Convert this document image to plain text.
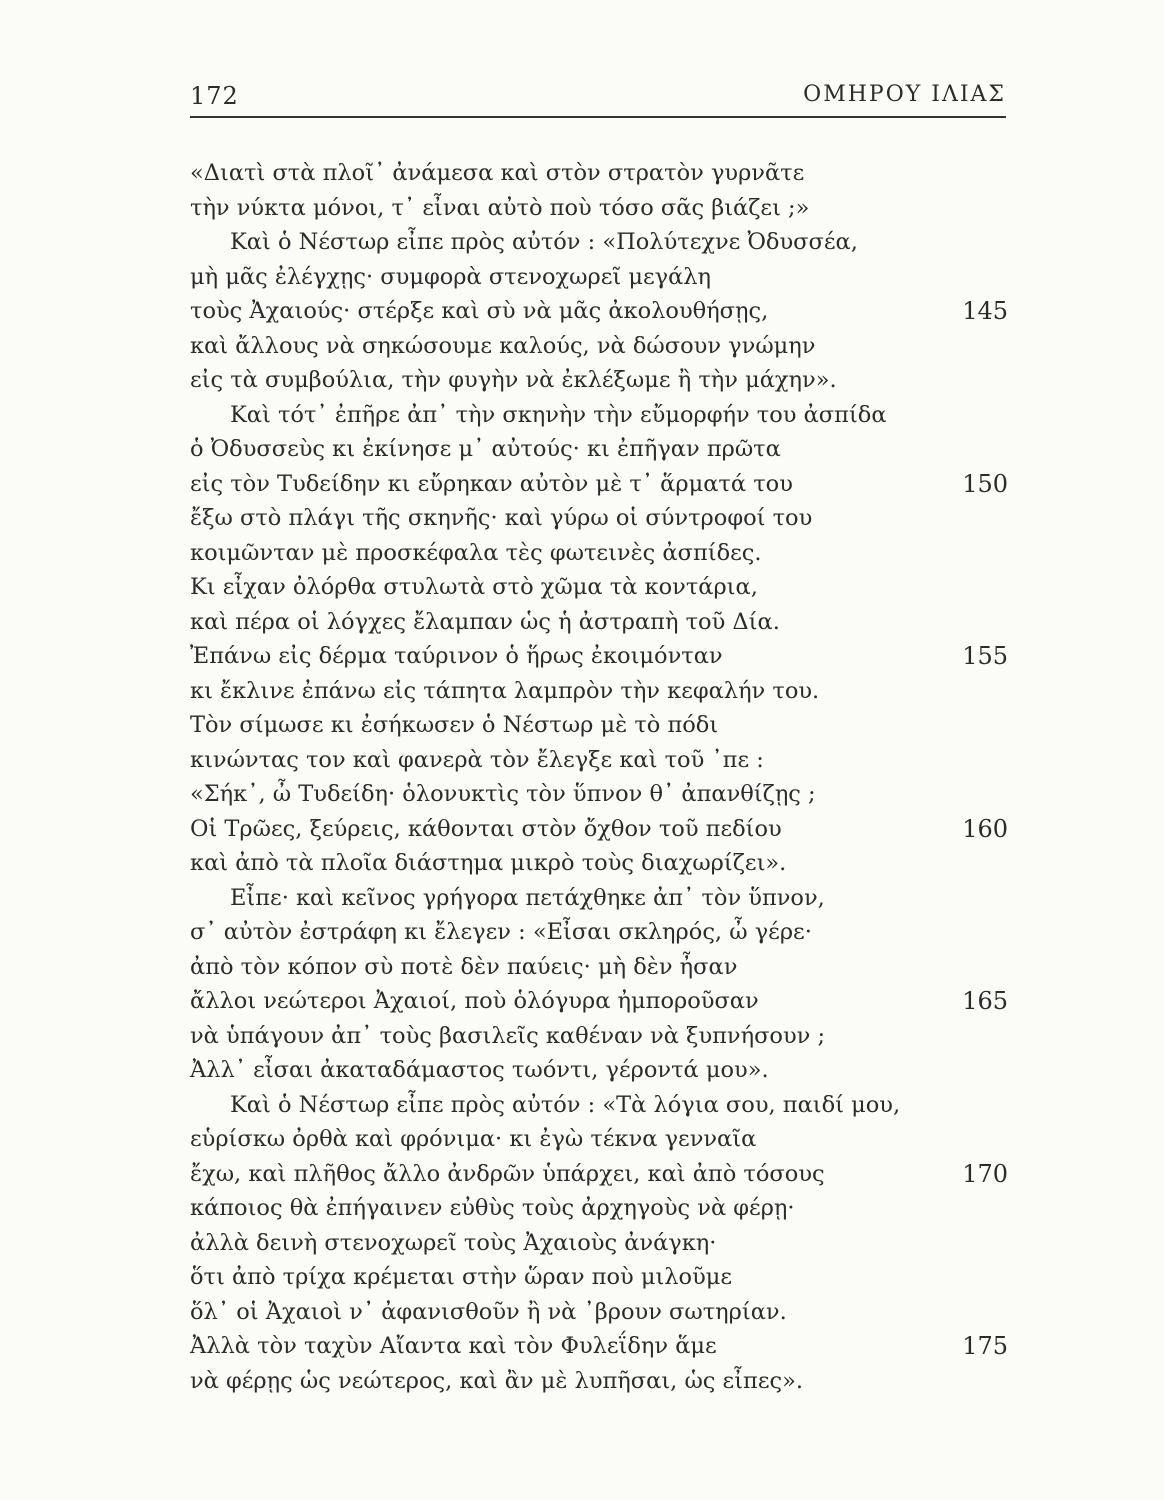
172	ΟΜΗΡΟΥ ΙΛΙΑΣ
«Διατὶ στὰ πλοῖ᾽ ἀνάμεσα καὶ στὸν στρατὸν γυρνᾶτε
τὴν νύκτα μόνοι, τ᾽ εἶναι αὐτὸ ποὺ τόσο σᾶς βιάζει ;»
Καὶ ὁ Νέστωρ εἶπε πρὸς αὐτόν : «Πολύτεχνε Ὀδυσσέα,
μὴ μᾶς ἐλέγχῃς· συμφορὰ στενοχωρεῖ μεγάλη
τοὺς Ἀχαιούς· στέρξε καὶ σὺ νὰ μᾶς ἀκολουθήσῃς,	145
καὶ ἄλλους νὰ σηκώσουμε καλούς, νὰ δώσουν γνώμην
εἰς τὰ συμβούλια, τὴν φυγὴν νὰ ἐκλέξωμε ἢ τὴν μάχην».
Καὶ τότ᾽ ἐπῆρε ἀπ᾽ τὴν σκηνὴν τὴν εὔμορφήν του ἀσπίδα
ὁ Ὀδυσσεὺς κι ἐκίνησε μ᾽ αὐτούς· κι ἐπῆγαν πρῶτα
εἰς τὸν Τυδείδην κι εὔρηκαν αὐτὸν μὲ τ᾽ ἅρματά του	150
ἔξω στὸ πλάγι τῆς σκηνῆς· καὶ γύρω οἱ σύντροφοί του
κοιμῶνταν μὲ προσκέφαλα τὲς φωτεινὲς ἀσπίδες.
Κι εἶχαν ὀλόρθα στυλωτὰ στὸ χῶμα τὰ κοντάρια,
καὶ πέρα οἱ λόγχες ἔλαμπαν ὡς ἡ ἀστραπὴ τοῦ Δία.
Ἐπάνω εἰς δέρμα ταύρινον ὁ ἥρως ἐκοιμόνταν	155
κι ἔκλινε ἐπάνω εἰς τάπητα λαμπρὸν τὴν κεφαλήν του.
Τὸν σίμωσε κι ἐσήκωσεν ὁ Νέστωρ μὲ τὸ πόδι
κινώντας τον καὶ φανερὰ τὸν ἔλεγξε καὶ τοῦ ᾽πε :
«Σήκ᾽, ὦ Τυδείδη· ὁλονυκτὶς τὸν ὕπνον θ᾽ ἀπανθίζῃς ;
Οἱ Τρῶες, ξεύρεις, κάθονται στὸν ὄχθον τοῦ πεδίου	160
καὶ ἀπὸ τὰ πλοῖα διάστημα μικρὸ τοὺς διαχωρίζει».
Εἶπε· καὶ κεῖνος γρήγορα πετάχθηκε ἀπ᾽ τὸν ὕπνον,
σ᾽ αὐτὸν ἐστράφη κι ἔλεγεν : «Εἶσαι σκληρός, ὦ γέρε·
ἀπὸ τὸν κόπον σὺ ποτὲ δὲν παύεις· μὴ δὲν ἦσαν
ἄλλοι νεώτεροι Ἀχαιοί, ποὺ ὁλόγυρα ἠμποροῦσαν	165
νὰ ὑπάγουν ἀπ᾽ τοὺς βασιλεῖς καθέναν νὰ ξυπνήσουν ;
Ἀλλ᾽ εἶσαι ἀκαταδάμαστος τωόντι, γέροντά μου».
Καὶ ὁ Νέστωρ εἶπε πρὸς αὐτόν : «Τὰ λόγια σου, παιδί μου,
εὑρίσκω ὀρθὰ καὶ φρόνιμα· κι ἐγὼ τέκνα γενναῖα
ἔχω, καὶ πλῆθος ἄλλο ἀνδρῶν ὑπάρχει, καὶ ἀπὸ τόσους	170
κάποιος θὰ ἐπήγαινεν εὐθὺς τοὺς ἀρχηγοὺς νὰ φέρῃ·
ἀλλὰ δεινὴ στενοχωρεῖ τοὺς Ἀχαιοὺς ἀνάγκη·
ὅτι ἀπὸ τρίχα κρέμεται στὴν ὥραν ποὺ μιλοῦμε
ὅλ᾽ οἱ Ἀχαιοὶ ν᾽ ἀφανισθοῦν ἢ νὰ ᾽βρουν σωτηρίαν.
Ἀλλὰ τὸν ταχὺν Αἴαντα καὶ τὸν Φυλεΐδην ἅμε	175
νὰ φέρῃς ὡς νεώτερος, καὶ ἂν μὲ λυπῆσαι, ὡς εἶπες».
